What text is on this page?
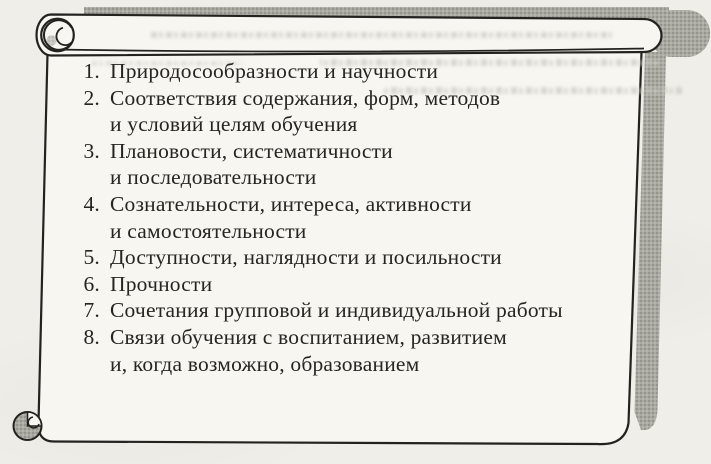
1. Природосообразности и научности
2. Соответствия содержания, форм, методов
и условий целям обучения
3. Плановости, систематичности
и последовательности
4. Сознательности, интереса, активности
и самостоятельности
5. Доступности, наглядности и посильности
6. Прочности
7. Сочетания групповой и индивидуальной работы
8. Связи обучения с воспитанием, развитием
и, когда возможно, образованием
